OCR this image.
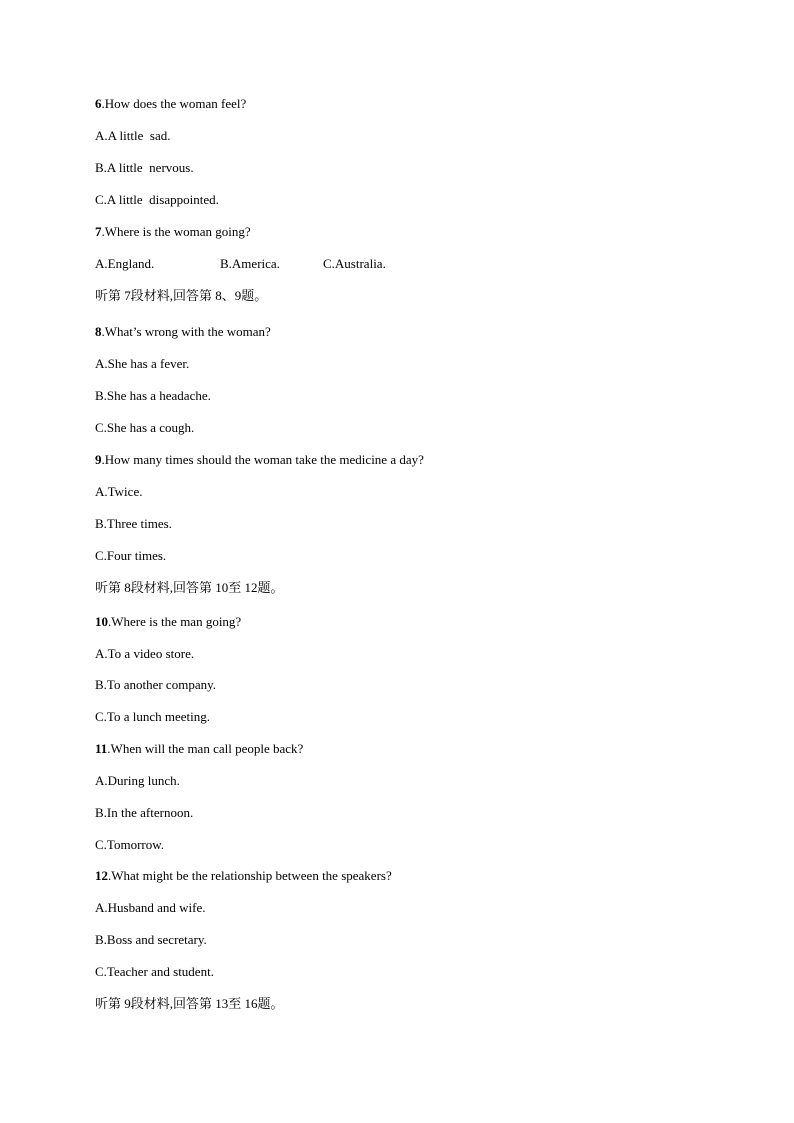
6.How does the woman feel?
A.A little  sad.
B.A little  nervous.
C.A little  disappointed.
7.Where is the woman going?
A.England.	B.America.	C.Australia.
听第 7段材料,回答第 8、9题。
8.What’s wrong with the woman?
A.She has a fever.
B.She has a headache.
C.She has a cough.
9.How many times should the woman take the medicine a day?
A.Twice.
B.Three times.
C.Four times.
听第 8段材料,回答第 10至 12题。
10.Where is the man going?
A.To a video store.
B.To another company.
C.To a lunch meeting.
11.When will the man call people back?
A.During lunch.
B.In the afternoon.
C.Tomorrow.
12.What might be the relationship between the speakers?
A.Husband and wife.
B.Boss and secretary.
C.Teacher and student.
听第 9段材料,回答第 13至 16题。
